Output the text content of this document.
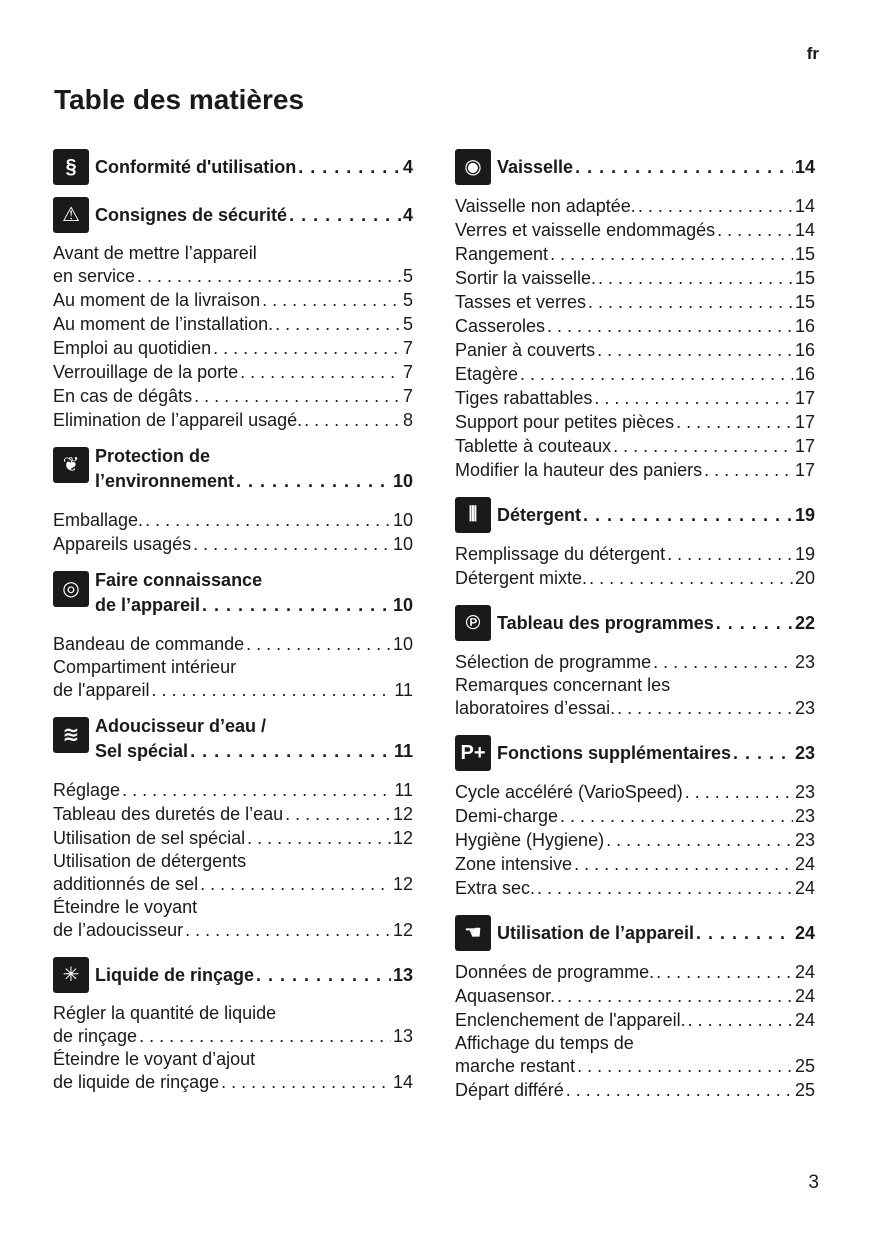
fr
Table des matières
§	Conformité d'utilisation . . .	4
⚠ Consignes de sécurité . . .	4
Avant de mettre l’appareil
en service . . .	5
Au moment de la livraison . . .	5
Au moment de l’installation. . . .	5
Emploi au quotidien . . .	7
Verrouillage de la porte . . .	7
En cas de dégâts . . .	7
Elimination de l’appareil usagé. . . .	8
❦ Protection de
l’environnement . . .	10
Emballage. . . .	10
Appareils usagés . . .	10
◎ Faire connaissance
de l’appareil . . .	10
Bandeau de commande . . .	10
Compartiment intérieur
de l'appareil . . .	11
≋ Adoucisseur d’eau /
Sel spécial . . .	11
Réglage . . .	11
Tableau des duretés de l’eau . . .	12
Utilisation de sel spécial . . .	12
Utilisation de détergents
additionnés de sel . . .	12
Éteindre le voyant
de l’adoucisseur . . .	12
✳ Liquide de rinçage . . .	13
Régler la quantité de liquide
de rinçage . . .	13
Éteindre le voyant d’ajout
de liquide de rinçage . . .	14
◉ Vaisselle . . .	14
Vaisselle non adaptée. . . .	14
Verres et vaisselle endommagés . . .	14
Rangement . . .	15
Sortir la vaisselle. . . .	15
Tasses et verres . . .	15
Casseroles . . .	16
Panier à couverts . . .	16
Etagère . . .	16
Tiges rabattables . . .	17
Support pour petites pièces . . .	17
Tablette à couteaux . . .	17
Modifier la hauteur des paniers . . .	17
⫴	Détergent . . .	19
Remplissage du détergent . . .	19
Détergent mixte. . . .	20
℗ Tableau des programmes . . .	22
Sélection de programme . . .	23
Remarques concernant les
laboratoires d’essai. . . .	23
P+ Fonctions supplémentaires . . .	23
Cycle accéléré (VarioSpeed) . . .	23
Demi-charge . . .	23
Hygiène (Hygiene) . . .	23
Zone intensive . . .	24
Extra sec. . . .	24
☚ Utilisation de l’appareil . . .	24
Données de programme. . . .	24
Aquasensor. . . .	24
Enclenchement de l'appareil. . . .	24
Affichage du temps de
marche restant . . .	25
Départ différé . . .	25
3
